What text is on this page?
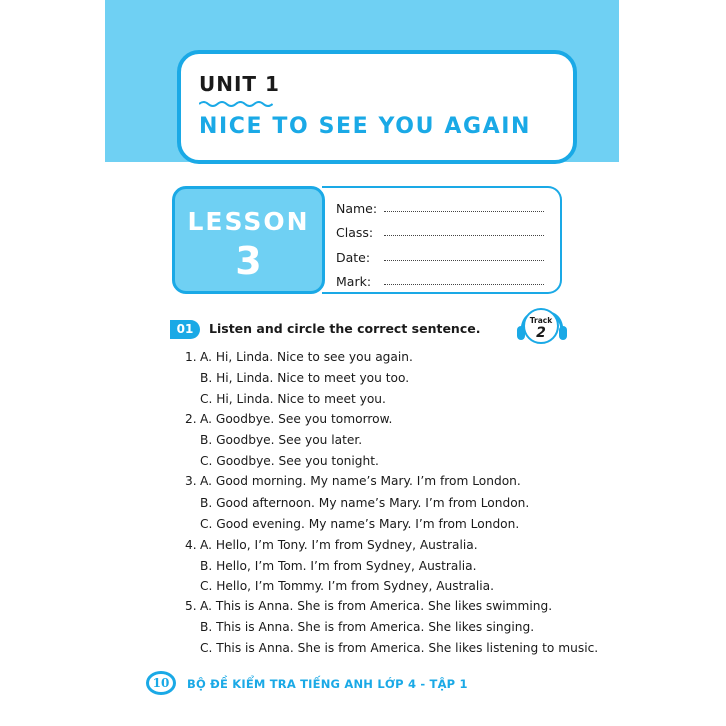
UNIT 1
NICE TO SEE YOU AGAIN
Name:
Class:
Date:
Mark:
LESSON
3
01	Listen and circle the correct sentence.
Track
2
1. A. Hi, Linda. Nice to see you again.
B. Hi, Linda. Nice to meet you too.
C. Hi, Linda. Nice to meet you.
2. A. Goodbye. See you tomorrow.
B. Goodbye. See you later.
C. Goodbye. See you tonight.
3. A. Good morning. My name’s Mary. I’m from London.
B. Good afternoon. My name’s Mary. I’m from London.
C. Good evening. My name’s Mary. I’m from London.
4. A. Hello, I’m Tony. I’m from Sydney, Australia.
B. Hello, I’m Tom. I’m from Sydney, Australia.
C. Hello, I’m Tommy. I’m from Sydney, Australia.
5. A. This is Anna. She is from America. She likes swimming.
B. This is Anna. She is from America. She likes singing.
C. This is Anna. She is from America. She likes listening to music.
10	BỘ ĐỀ KIỂM TRA TIẾNG ANH LỚP 4 - TẬP 1
